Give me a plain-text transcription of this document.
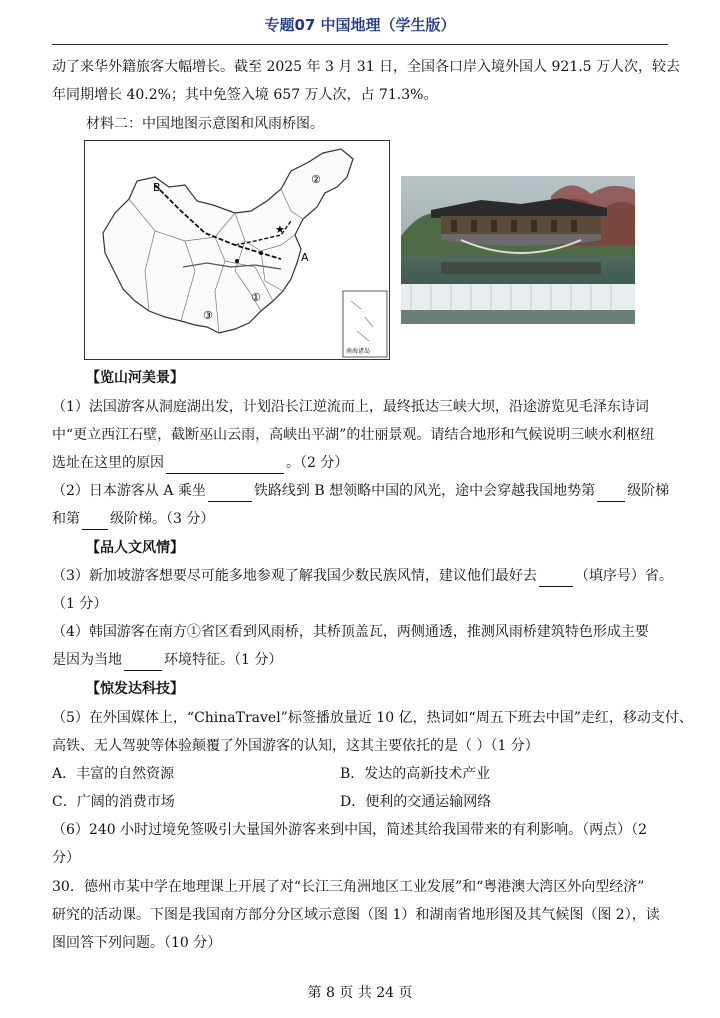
专题07 中国地理（学生版）
动了来华外籍旅客大幅增长。截至 2025 年 3 月 31 日，全国各口岸入境外国人 921.5 万人次，较去
年同期增长 40.2%；其中免签入境 657 万人次，占 71.3%。
材料二：中国地图示意图和风雨桥图。
B
A
①
②
③
★
南海诸岛
【览山河美景】
（1）法国游客从洞庭湖出发，计划沿长江逆流而上，最终抵达三峡大坝，沿途游览见毛泽东诗词
中“更立西江石壁，截断巫山云雨，高峡出平湖”的壮丽景观。请结合地形和气候说明三峡水利枢纽
选址在这里的原因	。（2 分）
（2）日本游客从 A 乘坐	铁路线到 B 想领略中国的风光，途中会穿越我国地势第 级阶梯
和第 级阶梯。（3 分）
【品人文风情】
（3）新加坡游客想要尽可能多地参观了解我国少数民族风情，建议他们最好去	（填序号）省。
（1 分）
（4）韩国游客在南方①省区看到风雨桥，其桥顶盖瓦，两侧通透，推测风雨桥建筑特色形成主要
是因为当地	环境特征。（1 分）
【惊发达科技】
（5）在外国媒体上，“ChinaTravel”标签播放量近 10 亿，热词如“周五下班去中国”走红，移动支付、
高铁、无人驾驶等体验颠覆了外国游客的认知，这其主要依托的是（ ）（1 分）
A．丰富的自然资源	B．发达的高新技术产业
C．广阔的消费市场	D．便利的交通运输网络
（6）240 小时过境免签吸引大量国外游客来到中国，简述其给我国带来的有利影响。（两点）（2
分）
30．德州市某中学在地理课上开展了对“长江三角洲地区工业发展”和“粤港澳大湾区外向型经济”
研究的活动课。下图是我国南方部分分区域示意图（图 1）和湖南省地形图及其气候图（图 2），读
图回答下列问题。（10 分）
第 8 页 共 24 页
